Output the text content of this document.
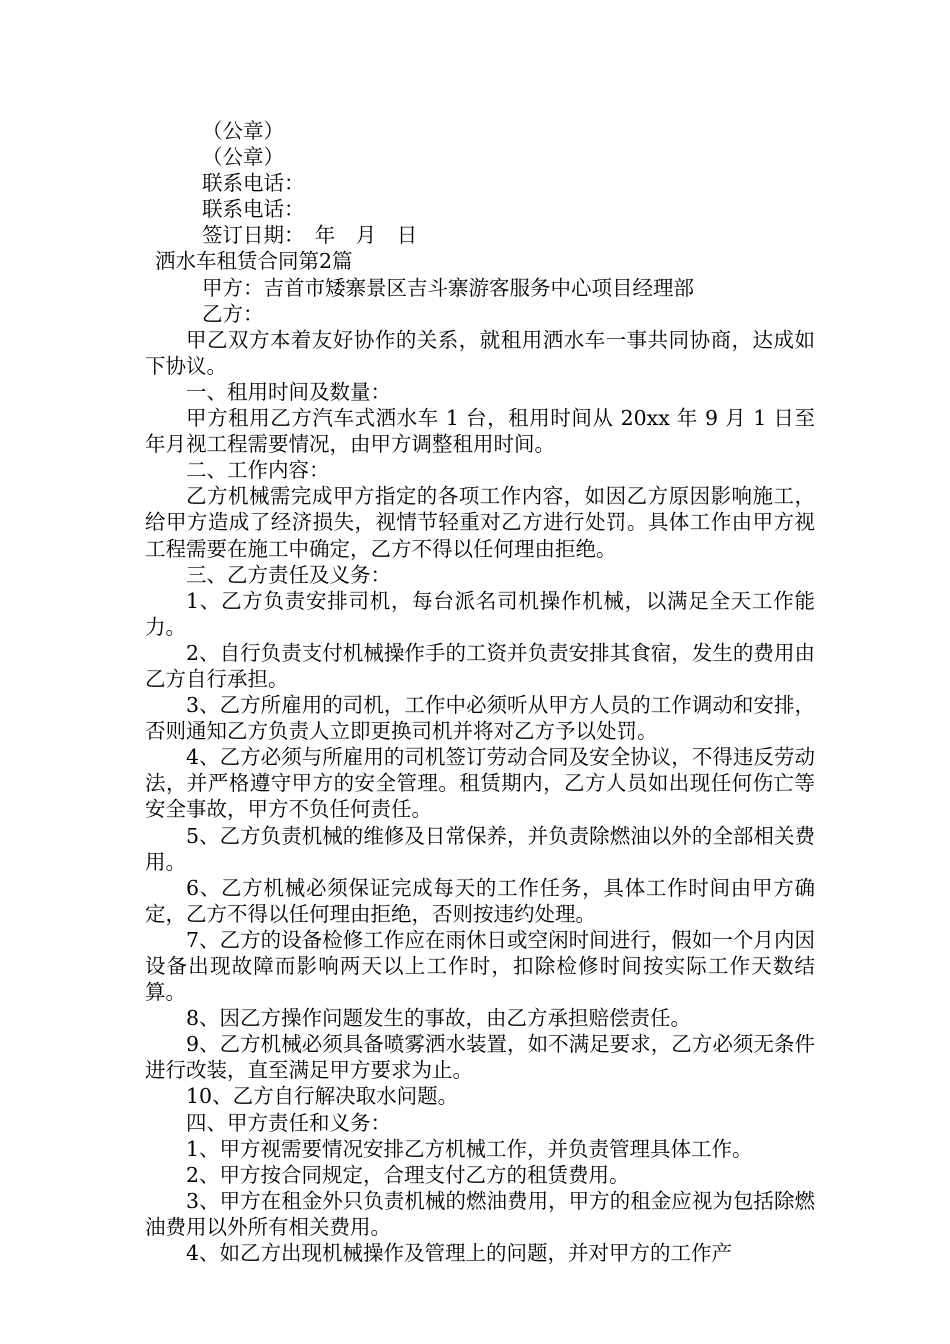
（公章）
（公章）
联系电话：
联系电话：
签订日期：　年　月　日
洒水车租赁合同第2篇
甲方：吉首市矮寨景区吉斗寨游客服务中心项目经理部
乙方：
甲乙双方本着友好协作的关系，就租用洒水车一事共同协商，达成如下协议。
一、租用时间及数量：
甲方租用乙方汽车式洒水车 1 台，租用时间从 20xx 年 9 月 1 日至年月视工程需要情况，由甲方调整租用时间。
二、工作内容：
乙方机械需完成甲方指定的各项工作内容，如因乙方原因影响施工，给甲方造成了经济损失，视情节轻重对乙方进行处罚。具体工作由甲方视工程需要在施工中确定，乙方不得以任何理由拒绝。
三、乙方责任及义务：
1、乙方负责安排司机，每台派名司机操作机械，以满足全天工作能力。
2、自行负责支付机械操作手的工资并负责安排其食宿，发生的费用由乙方自行承担。
3、乙方所雇用的司机，工作中必须听从甲方人员的工作调动和安排，否则通知乙方负责人立即更换司机并将对乙方予以处罚。
4、乙方必须与所雇用的司机签订劳动合同及安全协议，不得违反劳动法，并严格遵守甲方的安全管理。租赁期内，乙方人员如出现任何伤亡等安全事故，甲方不负任何责任。
5、乙方负责机械的维修及日常保养，并负责除燃油以外的全部相关费用。
6、乙方机械必须保证完成每天的工作任务，具体工作时间由甲方确定，乙方不得以任何理由拒绝，否则按违约处理。
7、乙方的设备检修工作应在雨休日或空闲时间进行，假如一个月内因设备出现故障而影响两天以上工作时，扣除检修时间按实际工作天数结算。
8、因乙方操作问题发生的事故，由乙方承担赔偿责任。
9、乙方机械必须具备喷雾洒水装置，如不满足要求，乙方必须无条件进行改装，直至满足甲方要求为止。
10、乙方自行解决取水问题。
四、甲方责任和义务：
1、甲方视需要情况安排乙方机械工作，并负责管理具体工作。
2、甲方按合同规定，合理支付乙方的租赁费用。
3、甲方在租金外只负责机械的燃油费用，甲方的租金应视为包括除燃油费用以外所有相关费用。
4、如乙方出现机械操作及管理上的问题，并对甲方的工作产
